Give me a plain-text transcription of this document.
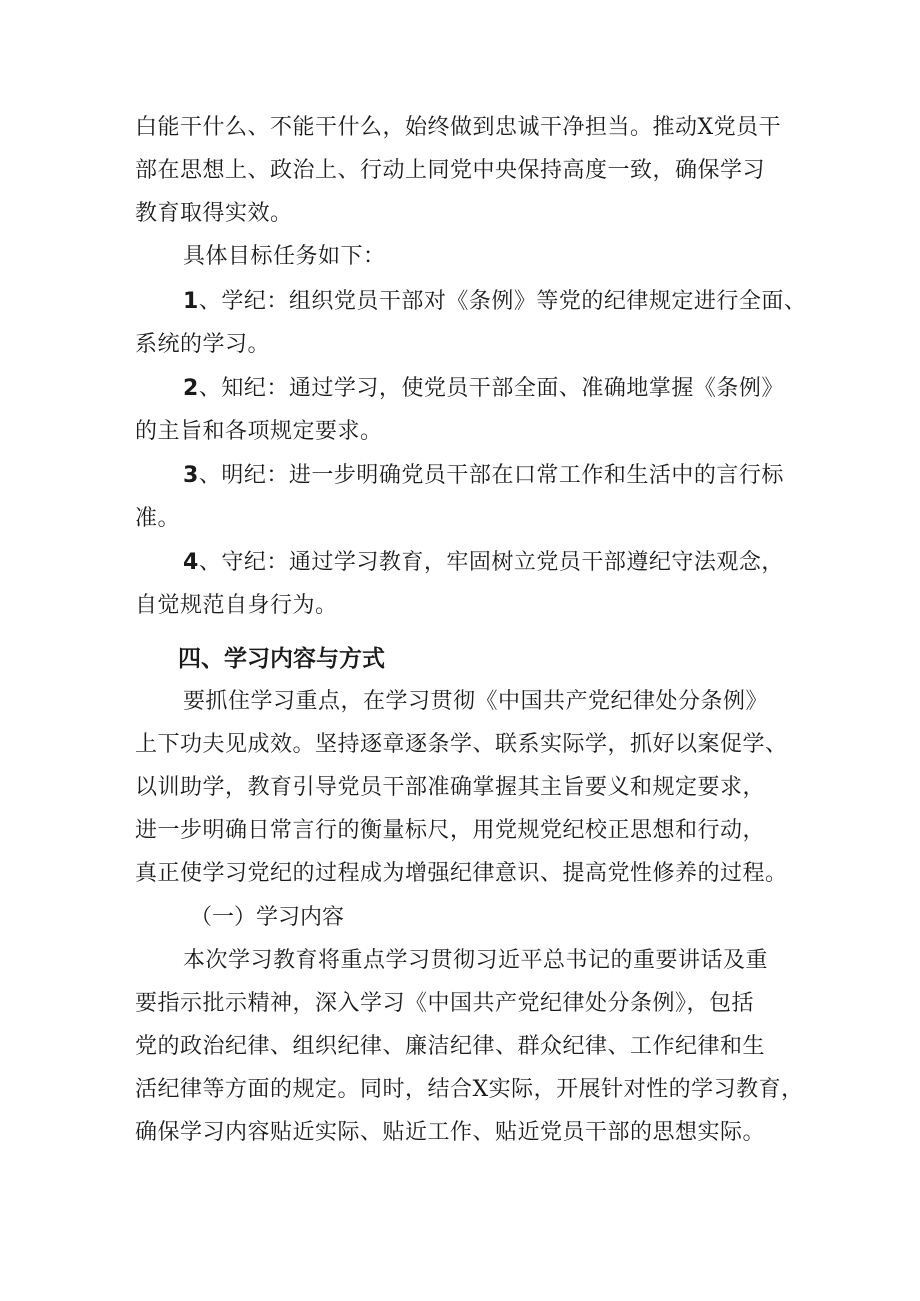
白能干什么、不能干什么，始终做到忠诚干净担当。推动X党员干
部在思想上、政治上、行动上同党中央保持高度一致，确保学习
教育取得实效。
具体目标任务如下：
1、学纪：组织党员干部对《条例》等党的纪律规定进行全面、
系统的学习。
2、知纪：通过学习，使党员干部全面、准确地掌握《条例》
的主旨和各项规定要求。
3、明纪：进一步明确党员干部在口常工作和生活中的言行标
准。
4、守纪：通过学习教育，牢固树立党员干部遵纪守法观念，
自觉规范自身行为。
四、学习内容与方式
要抓住学习重点，在学习贯彻《中国共产党纪律处分条例》
上下功夫见成效。坚持逐章逐条学、联系实际学，抓好以案促学、
以训助学，教育引导党员干部准确掌握其主旨要义和规定要求，
进一步明确日常言行的衡量标尺，用党规党纪校正思想和行动，
真正使学习党纪的过程成为增强纪律意识、提高党性修养的过程。
（一）学习内容
本次学习教育将重点学习贯彻习近平总书记的重要讲话及重
要指示批示精神，深入学习《中国共产党纪律处分条例》，包括
党的政治纪律、组织纪律、廉洁纪律、群众纪律、工作纪律和生
活纪律等方面的规定。同时，结合X实际，开展针对性的学习教育，
确保学习内容贴近实际、贴近工作、贴近党员干部的思想实际。
